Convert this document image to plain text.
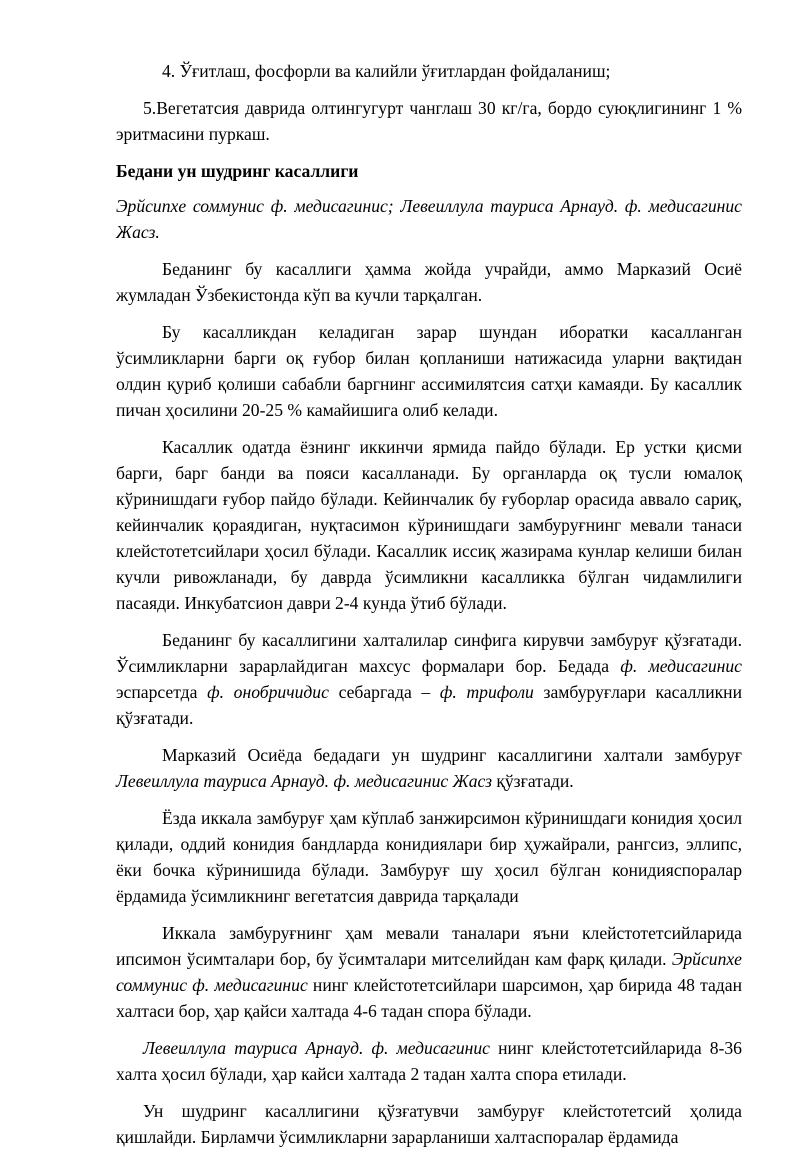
4. Ўғитлаш, фосфорли ва калийли ўғитлардан фойдаланиш;

5.Вегетатсия даврида олтингугурт чанглаш 30 кг/га, бордо суюқлигининг 1 % эритмасини пуркаш.

Бедани ун шудринг касаллиги

Эрйсипхе соммунис ф. медисагинис; Левеиллула таурисa Арнауд. ф. медисагинис Жасз.

Беданинг бу касаллиги ҳамма жойда учрайди, аммо Марказий Осиё жумладан Ўзбекистонда кўп ва кучли тарқалган.

Бу касалликдан келадиган зарар шундан иборатки касалланган ўсимликларни барги оқ ғубор билан қопланиши натижасида уларни вақтидан олдин қуриб қолиши сабабли баргнинг ассимилятсия сатҳи камаяди. Бу касаллик пичан ҳосилини 20-25 % камайишига олиб келади.

Касаллик одатда ёзнинг иккинчи ярмида пайдо бўлади. Ер устки қисми барги, барг банди ва пояси касалланади. Бу органларда оқ тусли юмалоқ кўринишдаги ғубор пайдо бўлади. Кейинчалик бу ғуборлар орасида аввало сариқ, кейинчалик қораядиган, нуқтасимон кўринишдаги замбуруғнинг мевали танаси клейстотетсийлари ҳосил бўлади. Касаллик иссиқ жазирама кунлар келиши билан кучли ривожланади, бу даврда ўсимликни касалликка бўлган чидамлилиги пасаяди. Инкубатсион даври 2-4 кунда ўтиб бўлади.

Беданинг бу касаллигини халталилар синфига кирувчи замбуруғ қўзғатади. Ўсимликларни зарарлайдиган махсус формалари бор. Бедада ф. медисагинис эспарсетда ф. онобричидис себаргада – ф. трифоли замбуруғлари касалликни қўзғатади.

Марказий Осиёда бедадаги ун шудринг касаллигини халтали замбуруғ Левеиллула таурисa Арнауд. ф. медисагинис Жасз қўзғатади.

Ёзда иккала замбуруғ ҳам кўплаб занжирсимон кўринишдаги конидия ҳосил қилади, оддий конидия бандларда конидиялари бир ҳужайрали, рангсиз, эллипс, ёки бочка кўринишида бўлади. Замбуруғ шу ҳосил бўлган конидияспоралар ёрдамида ўсимликнинг вегетатсия даврида тарқалади

Иккала замбуруғнинг ҳам мевали таналари яъни клейстотетсийларида ипсимон ўсимталари бор, бу ўсимталари митселийдан кам фарқ қилади. Эрйсипхе соммунис ф. медисагинис нинг клейстотетсийлари шарсимон, ҳар бирида 48 тадан халтаси бор, ҳар қайси халтада 4-6 тадан спора бўлади.

Левеиллула таурисa Арнауд. ф. медисагинис нинг клейстотетсийларида 8-36 халта ҳосил бўлади, ҳар кайси халтада 2 тадан халта спора етилади.

Ун шудринг касаллигини қўзғатувчи замбуруғ клейстотетсий ҳолида қишлайди. Бирламчи ўсимликларни зарарланиши халтаспоралар ёрдамида
